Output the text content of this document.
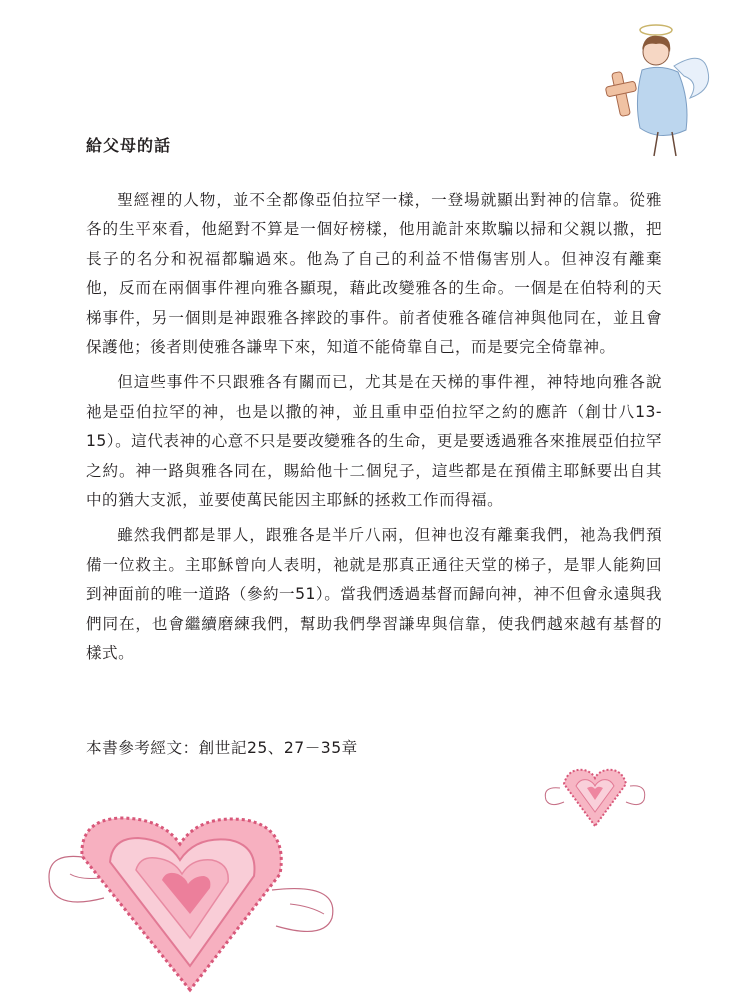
給父母的話

聖經裡的人物，並不全都像亞伯拉罕一樣，一登場就顯出對神的信靠。從雅各的生平來看，他絕對不算是一個好榜樣，他用詭計來欺騙以掃和父親以撒，把長子的名分和祝福都騙過來。他為了自己的利益不惜傷害別人。但神沒有離棄他，反而在兩個事件裡向雅各顯現，藉此改變雅各的生命。一個是在伯特利的天梯事件，另一個則是神跟雅各摔跤的事件。前者使雅各確信神與他同在，並且會保護他；後者則使雅各謙卑下來，知道不能倚靠自己，而是要完全倚靠神。

但這些事件不只跟雅各有關而已，尤其是在天梯的事件裡，神特地向雅各說祂是亞伯拉罕的神，也是以撒的神，並且重申亞伯拉罕之約的應許（創廿八13-15）。這代表神的心意不只是要改變雅各的生命，更是要透過雅各來推展亞伯拉罕之約。神一路與雅各同在，賜給他十二個兒子，這些都是在預備主耶穌要出自其中的猶大支派，並要使萬民能因主耶穌的拯救工作而得福。

雖然我們都是罪人，跟雅各是半斤八兩，但神也沒有離棄我們，祂為我們預備一位救主。主耶穌曾向人表明，祂就是那真正通往天堂的梯子，是罪人能夠回到神面前的唯一道路（參約一51）。當我們透過基督而歸向神，神不但會永遠與我們同在，也會繼續磨練我們，幫助我們學習謙卑與信靠，使我們越來越有基督的樣式。

本書參考經文：創世記25、27－35章
